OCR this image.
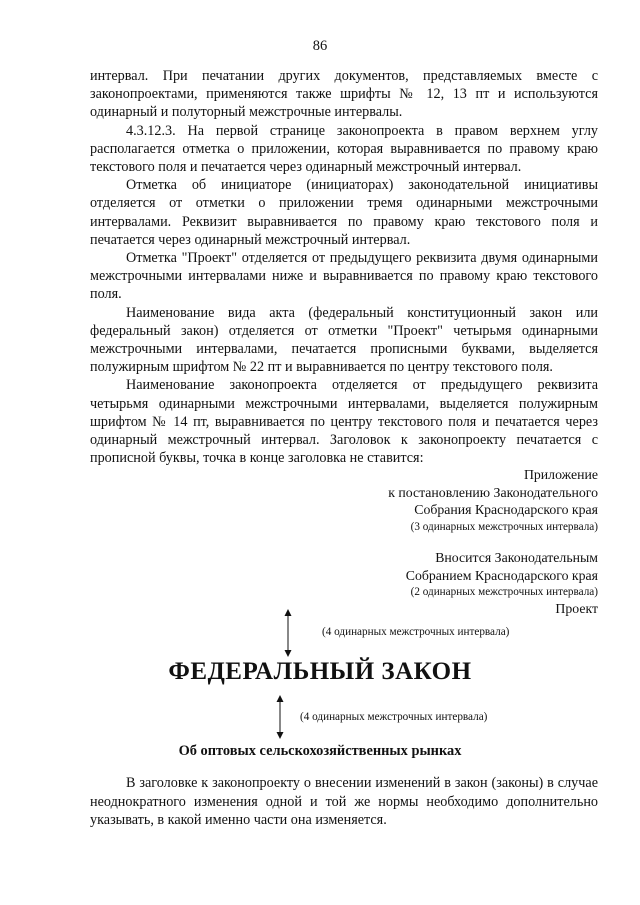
86

интервал. При печатании других документов, представляемых вместе с законопроектами, применяются также шрифты № 12, 13 пт и используются одинарный и полуторный межстрочные интервалы.

4.3.12.3. На первой странице законопроекта в правом верхнем углу располагается отметка о приложении, которая выравнивается по правому краю текстового поля и печатается через одинарный межстрочный интервал.

Отметка об инициаторе (инициаторах) законодательной инициативы отделяется от отметки о приложении тремя одинарными межстрочными интервалами. Реквизит выравнивается по правому краю текстового поля и печатается через одинарный межстрочный интервал.

Отметка "Проект" отделяется от предыдущего реквизита двумя одинарными межстрочными интервалами ниже и выравнивается по правому краю текстового поля.

Наименование вида акта (федеральный конституционный закон или федеральный закон) отделяется от отметки "Проект" четырьмя одинарными межстрочными интервалами, печатается прописными буквами, выделяется полужирным шрифтом № 22 пт и выравнивается по центру текстового поля.

Наименование законопроекта отделяется от предыдущего реквизита четырьмя одинарными межстрочными интервалами, выделяется полужирным шрифтом № 14 пт, выравнивается по центру текстового поля и печатается через одинарный межстрочный интервал. Заголовок к законопроекту печатается с прописной буквы, точка в конце заголовка не ставится:

Приложение
к постановлению Законодательного
Собрания Краснодарского края
(3 одинарных межстрочных интервала)
Вносится Законодательным
Собранием Краснодарского края
(2 одинарных межстрочных интервала)
Проект
(4 одинарных межстрочных интервала)
ФЕДЕРАЛЬНЫЙ ЗАКОН
(4 одинарных межстрочных интервала)
Об оптовых сельскохозяйственных рынках

В заголовке к законопроекту о внесении изменений в закон (законы) в случае неоднократного изменения одной и той же нормы необходимо дополнительно указывать, в какой именно части она изменяется.
